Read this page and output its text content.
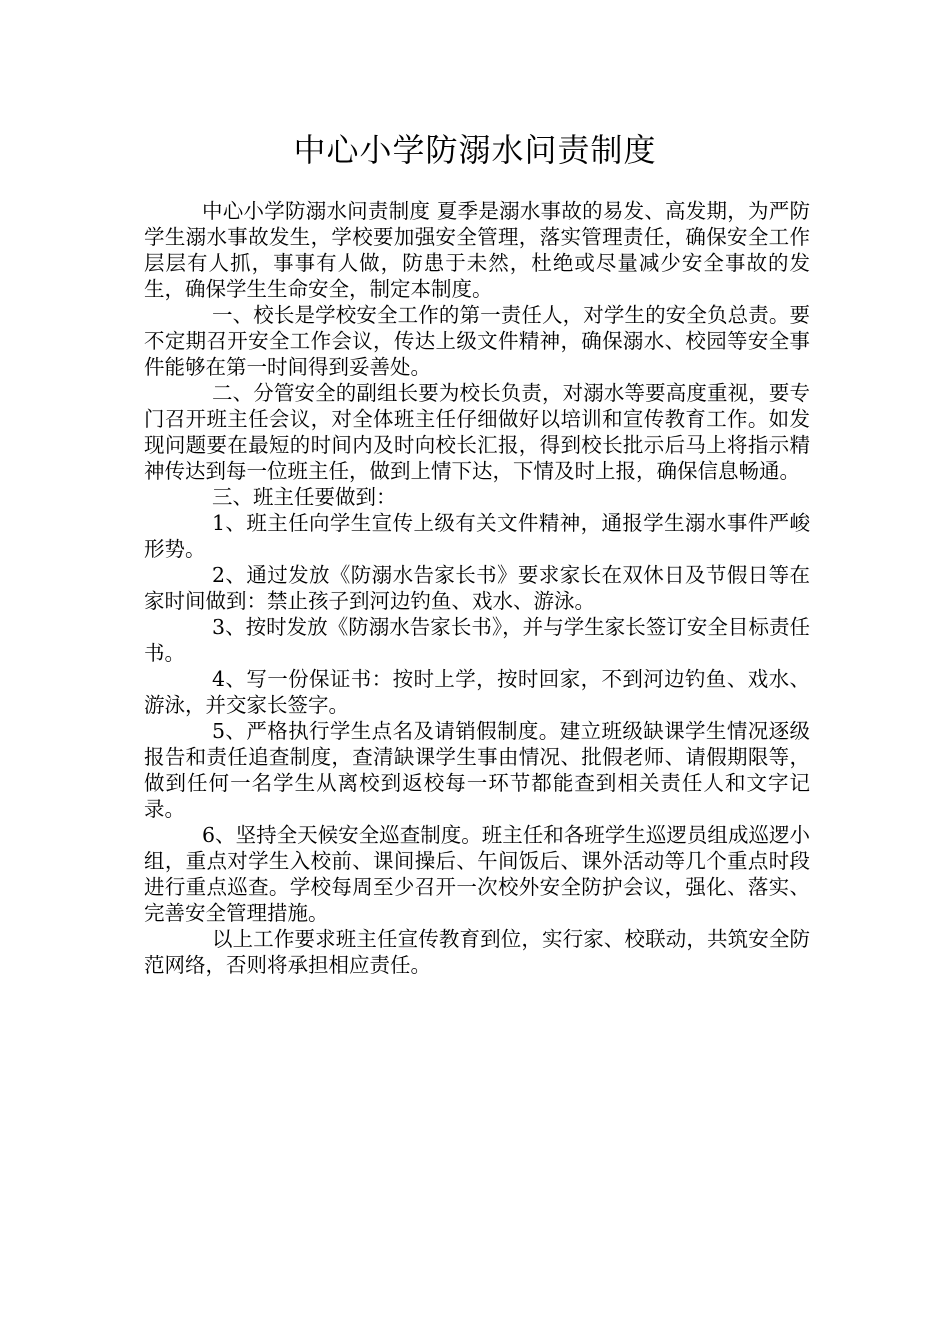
中心小学防溺水问责制度

中心小学防溺水问责制度 夏季是溺水事故的易发、高发期，为严防学生溺水事故发生，学校要加强安全管理，落实管理责任，确保安全工作层层有人抓，事事有人做，防患于未然，杜绝或尽量减少安全事故的发生，确保学生生命安全，制定本制度。

一、校长是学校安全工作的第一责任人，对学生的安全负总责。要不定期召开安全工作会议，传达上级文件精神，确保溺水、校园等安全事件能够在第一时间得到妥善处。

二、分管安全的副组长要为校长负责，对溺水等要高度重视，要专门召开班主任会议，对全体班主任仔细做好以培训和宣传教育工作。如发现问题要在最短的时间内及时向校长汇报，得到校长批示后马上将指示精神传达到每一位班主任，做到上情下达，下情及时上报，确保信息畅通。

三、班主任要做到：

1、班主任向学生宣传上级有关文件精神，通报学生溺水事件严峻形势。

2、通过发放《防溺水告家长书》要求家长在双休日及节假日等在家时间做到：禁止孩子到河边钓鱼、戏水、游泳。

3、按时发放《防溺水告家长书》，并与学生家长签订安全目标责任书。

4、写一份保证书：按时上学，按时回家，不到河边钓鱼、戏水、游泳，并交家长签字。

5、严格执行学生点名及请销假制度。建立班级缺课学生情况逐级报告和责任追查制度，查清缺课学生事由情况、批假老师、请假期限等，做到任何一名学生从离校到返校每一环节都能查到相关责任人和文字记录。

6、坚持全天候安全巡查制度。班主任和各班学生巡逻员组成巡逻小组，重点对学生入校前、课间操后、午间饭后、课外活动等几个重点时段进行重点巡查。学校每周至少召开一次校外安全防护会议，强化、落实、完善安全管理措施。

以上工作要求班主任宣传教育到位，实行家、校联动，共筑安全防范网络，否则将承担相应责任。
